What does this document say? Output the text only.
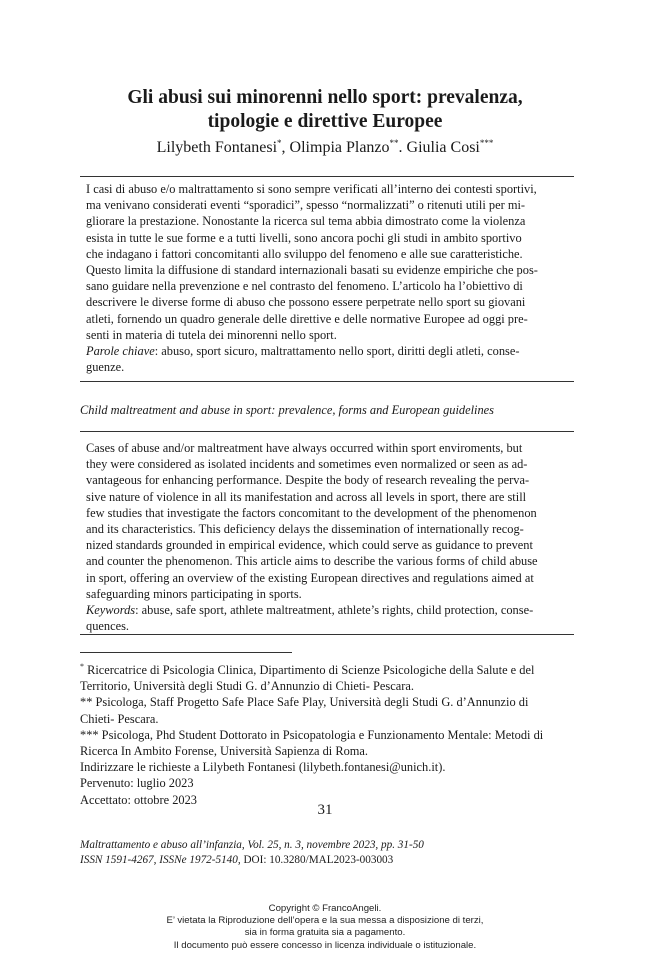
Gli abusi sui minorenni nello sport: prevalenza,
tipologie e direttive Europee
Lilybeth Fontanesi*, Olimpia Planzo**. Giulia Cosi***

I casi di abuso e/o maltrattamento si sono sempre verificati all’interno dei contesti sportivi,

ma venivano considerati eventi “sporadici”, spesso “normalizzati” o ritenuti utili per mi-

gliorare la prestazione. Nonostante la ricerca sul tema abbia dimostrato come la violenza

esista in tutte le sue forme e a tutti livelli, sono ancora pochi gli studi in ambito sportivo

che indagano i fattori concomitanti allo sviluppo del fenomeno e alle sue caratteristiche.

Questo limita la diffusione di standard internazionali basati su evidenze empiriche che pos-

sano guidare nella prevenzione e nel contrasto del fenomeno. L’articolo ha l’obiettivo di

descrivere le diverse forme di abuso che possono essere perpetrate nello sport su giovani

atleti, fornendo un quadro generale delle direttive e delle normative Europee ad oggi pre-

senti in materia di tutela dei minorenni nello sport.

Parole chiave: abuso, sport sicuro, maltrattamento nello sport, diritti degli atleti, conse-

guenze.

Child maltreatment and abuse in sport: prevalence, forms and European guidelines

Cases of abuse and/or maltreatment have always occurred within sport enviroments, but

they were considered as isolated incidents and sometimes even normalized or seen as ad-

vantageous for enhancing performance. Despite the body of research revealing the perva-

sive nature of violence in all its manifestation and across all levels in sport, there are still

few studies that investigate the factors concomitant to the development of the phenomenon

and its characteristics. This deficiency delays the dissemination of internationally recog-

nized standards grounded in empirical evidence, which could serve as guidance to prevent

and counter the phenomenon. This article aims to describe the various forms of child abuse

in sport, offering an overview of the existing European directives and regulations aimed at

safeguarding minors participating in sports.

Keywords: abuse, safe sport, athlete maltreatment, athlete’s rights, child protection, conse-

quences.

* Ricercatrice di Psicologia Clinica, Dipartimento di Scienze Psicologiche della Salute e del

Territorio, Università degli Studi G. d’Annunzio di Chieti- Pescara.

** Psicologa, Staff Progetto Safe Place Safe Play, Università degli Studi G. d’Annunzio di

Chieti- Pescara.

*** Psicologa, Phd Student Dottorato in Psicopatologia e Funzionamento Mentale: Metodi di

Ricerca In Ambito Forense, Università Sapienza di Roma.

Indirizzare le richieste a Lilybeth Fontanesi (lilybeth.fontanesi@unich.it).

Pervenuto: luglio 2023

Accettato: ottobre 2023

31

Maltrattamento e abuso all’infanzia, Vol. 25, n. 3, novembre 2023, pp. 31-50

ISSN 1591-4267, ISSNe 1972-5140, DOI: 10.3280/MAL2023-003003

Copyright © FrancoAngeli.

E’ vietata la Riproduzione dell’opera e la sua messa a disposizione di terzi,

sia in forma gratuita sia a pagamento.

Il documento può essere concesso in licenza individuale o istituzionale.
